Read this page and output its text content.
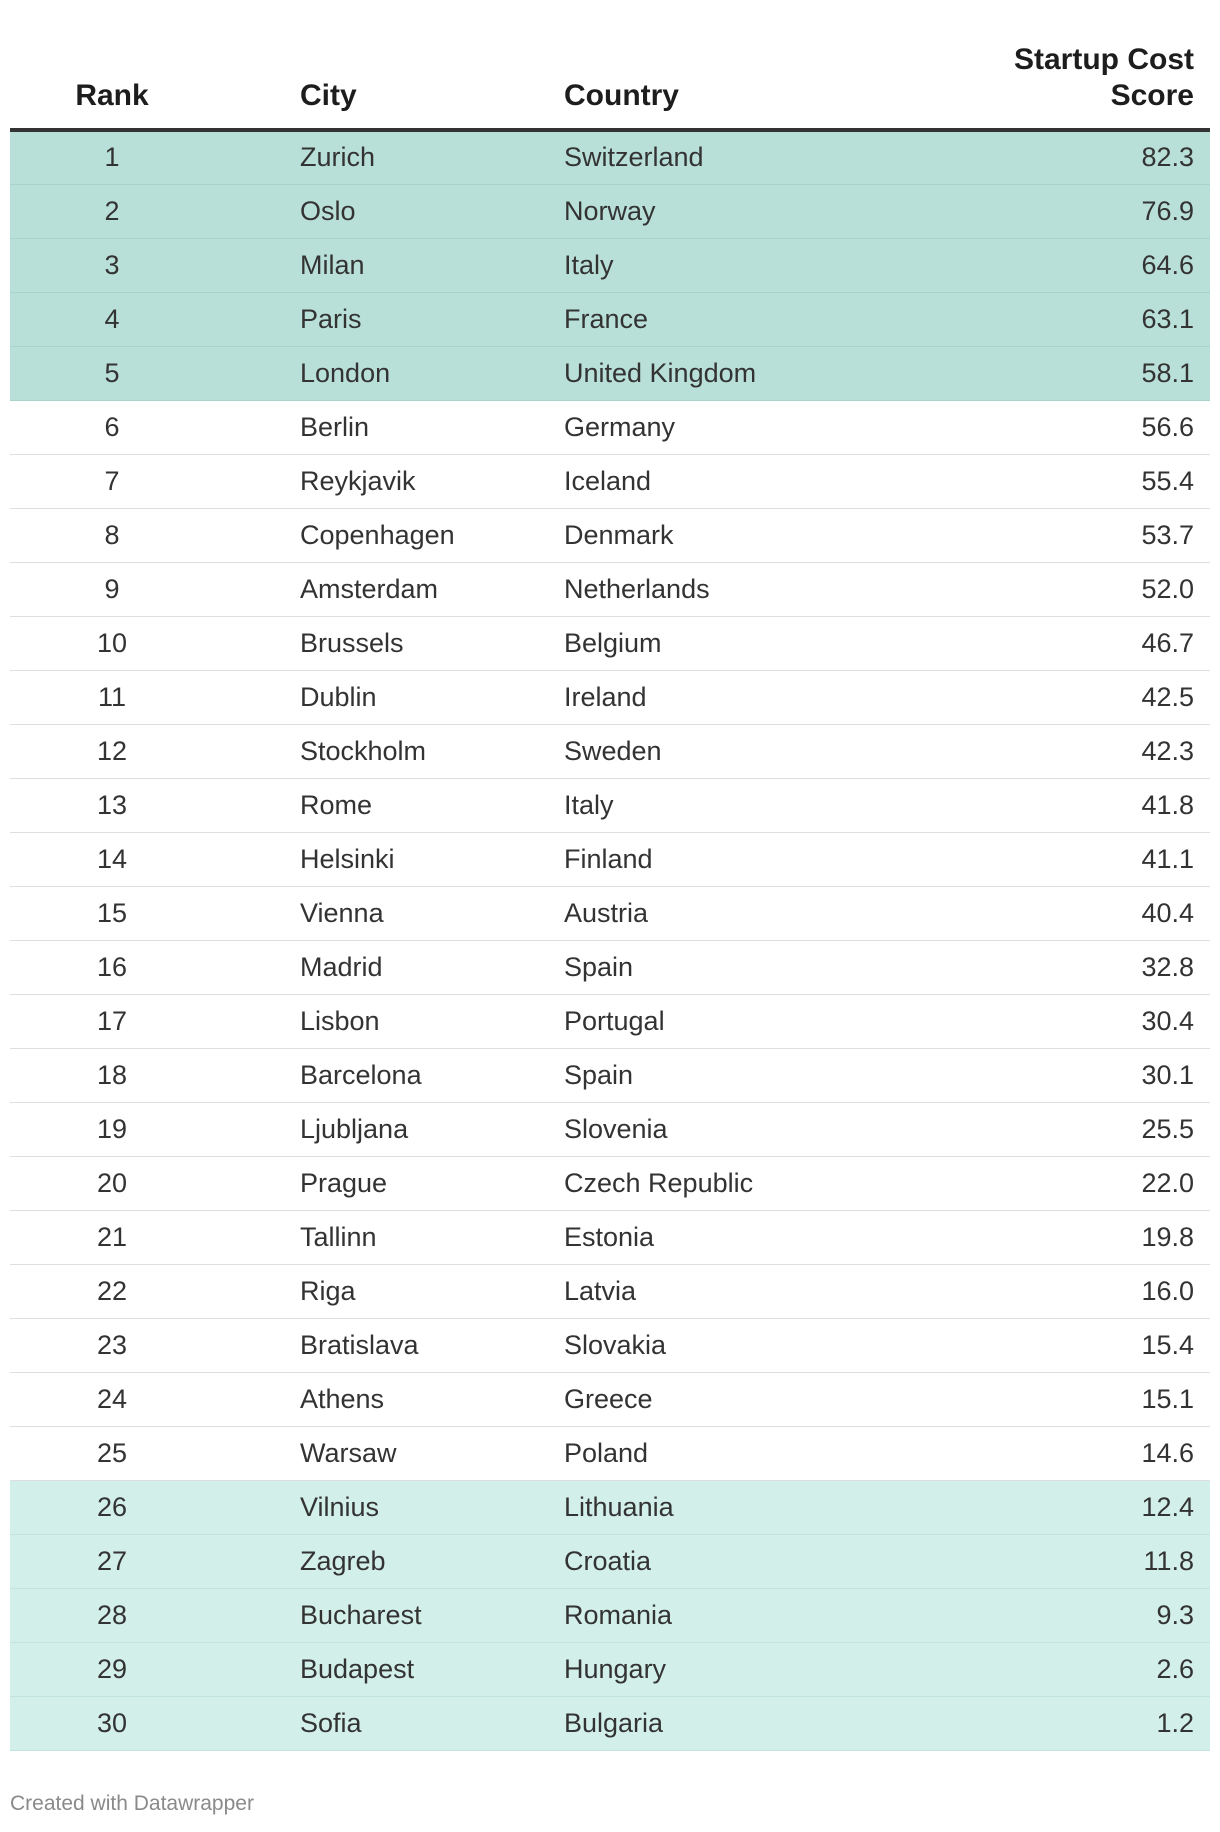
Rank	City	Country	Startup Cost
Score

1	Zurich	Switzerland	82.3
2	Oslo	Norway	76.9
3	Milan	Italy	64.6
4	Paris	France	63.1
5	London	United Kingdom	58.1
6	Berlin	Germany	56.6
7	Reykjavik	Iceland	55.4
8	Copenhagen	Denmark	53.7
9	Amsterdam	Netherlands	52.0
10	Brussels	Belgium	46.7
11	Dublin	Ireland	42.5
12	Stockholm	Sweden	42.3
13	Rome	Italy	41.8
14	Helsinki	Finland	41.1
15	Vienna	Austria	40.4
16	Madrid	Spain	32.8
17	Lisbon	Portugal	30.4
18	Barcelona	Spain	30.1
19	Ljubljana	Slovenia	25.5
20	Prague	Czech Republic	22.0
21	Tallinn	Estonia	19.8
22	Riga	Latvia	16.0
23	Bratislava	Slovakia	15.4
24	Athens	Greece	15.1
25	Warsaw	Poland	14.6
26	Vilnius	Lithuania	12.4
27	Zagreb	Croatia	11.8
28	Bucharest	Romania	9.3
29	Budapest	Hungary	2.6
30	Sofia	Bulgaria	1.2
Created with Datawrapper
